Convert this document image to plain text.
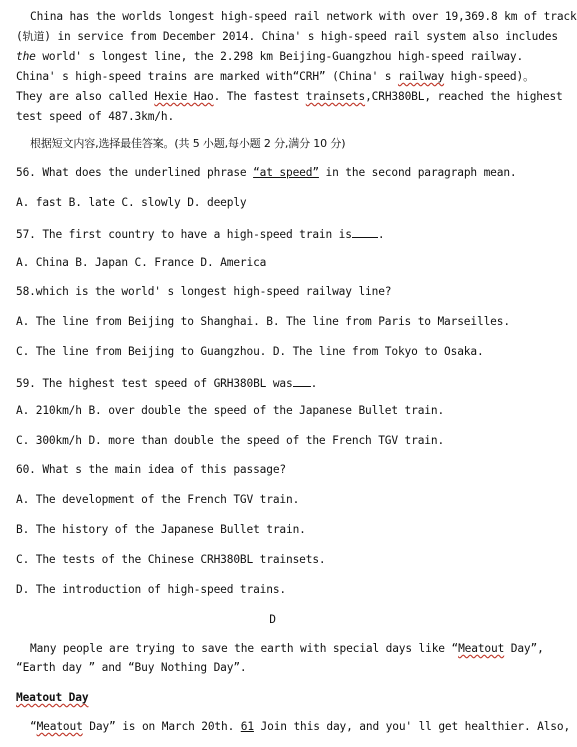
China has the worlds longest high-speed rail network with over 19,369.8 km of track
(轨道) in service from December 2014. China' s high-speed rail system also includes
the world' s longest line, the 2.298 km Beijing-Guangzhou high-speed railway.
China' s high-speed trains are marked with“CRH” (China' s railway high-speed)。
They are also called Hexie Hao. The fastest trainsets,CRH380BL, reached the highest
test speed of 487.3km/h.
根据短文内容,选择最佳答案。(共 5 小题,每小题 2 分,满分 10 分)
56. What does the underlined phrase “at speed” in the second paragraph mean.
A. fast B. late C. slowly D. deeply
57. The first country to have a high-speed train is .
A. China B. Japan C. France D. America
58.which is the world' s longest high-speed railway line?
A. The line from Beijing to Shanghai. B. The line from Paris to Marseilles.
C. The line from Beijing to Guangzhou. D. The line from Tokyo to Osaka.
59. The highest test speed of GRH380BL was .
A. 210km/h B. over double the speed of the Japanese Bullet train.
C. 300km/h D. more than double the speed of the French TGV train.
60. What s the main idea of this passage?
A. The development of the French TGV train.
B. The history of the Japanese Bullet train.
C. The tests of the Chinese CRH380BL trainsets.
D. The introduction of high-speed trains.
D
Many people are trying to save the earth with special days like “Meatout Day”,
“Earth day ” and “Buy Nothing Day”.
Meatout Day
“Meatout Day” is on March 20th. 61 Join this day, and you' ll get healthier. Also,
